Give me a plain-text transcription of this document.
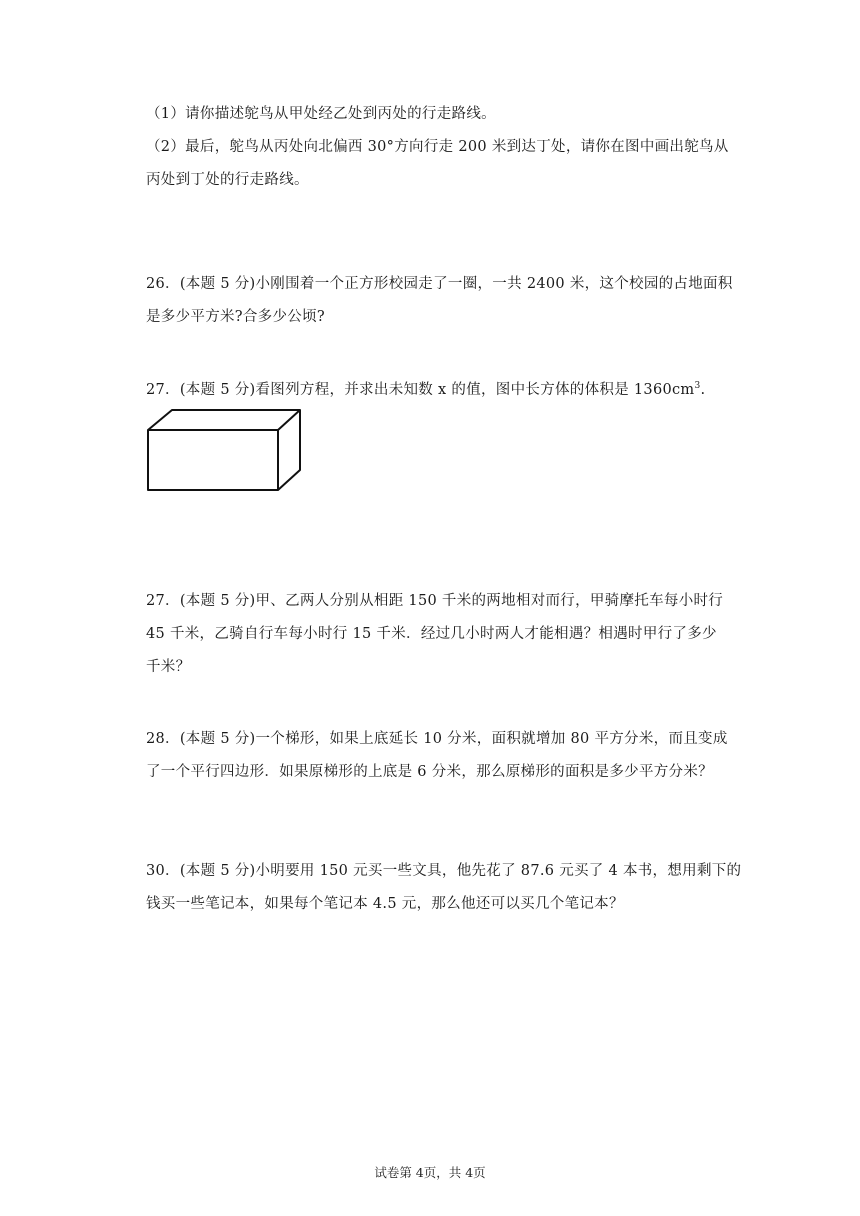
（1）请你描述鸵鸟从甲处经乙处到丙处的行走路线。
（2）最后，鸵鸟从丙处向北偏西 30°方向行走 200 米到达丁处，请你在图中画出鸵鸟从
丙处到丁处的行走路线。
26．(本题 5 分)小刚围着一个正方形校园走了一圈，一共 2400 米，这个校园的占地面积
是多少平方米?合多少公顷?
27．(本题 5 分)看图列方程，并求出未知数 x 的值，图中长方体的体积是 $1360cm^3$.
27．(本题 5 分)甲、乙两人分别从相距 150 千米的两地相对而行，甲骑摩托车每小时行
45 千米，乙骑自行车每小时行 15 千米．经过几小时两人才能相遇？相遇时甲行了多少
千米？
28．(本题 5 分)一个梯形，如果上底延长 10 分米，面积就增加 80 平方分米，而且变成
了一个平行四边形．如果原梯形的上底是 6 分米，那么原梯形的面积是多少平方分米？
30．(本题 5 分)小明要用 150 元买一些文具，他先花了 87.6 元买了 4 本书，想用剩下的
钱买一些笔记本，如果每个笔记本 4.5 元，那么他还可以买几个笔记本？
试卷第 4页，共 4页
